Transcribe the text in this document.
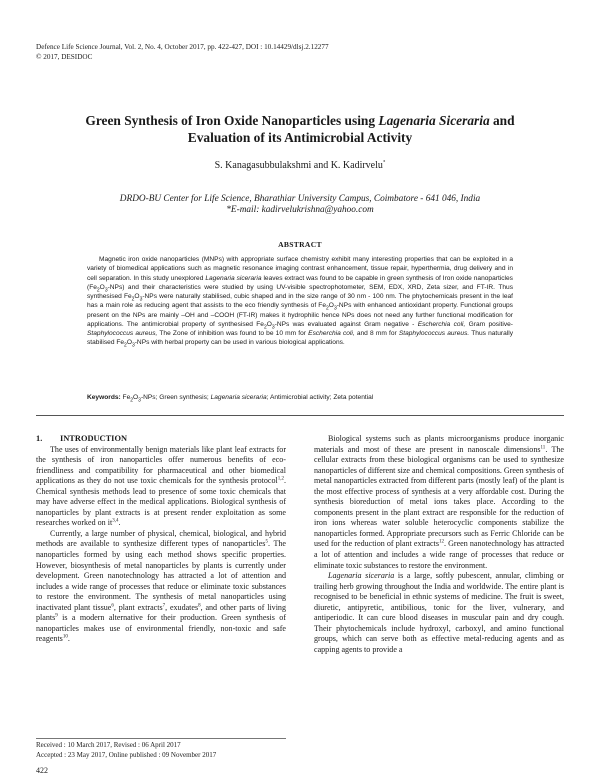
Defence Life Science Journal, Vol. 2, No. 4, October 2017, pp. 422-427, DOI : 10.14429/dlsj.2.12277
© 2017, DESIDOC
Green Synthesis of Iron Oxide Nanoparticles using Lagenaria Siceraria and Evaluation of its Antimicrobial Activity
S. Kanagasubbulakshmi and K. Kadirvelu*
DRDO-BU Center for Life Science, Bharathiar University Campus, Coimbatore - 641 046, India
*E-mail: kadirvelukrishna@yahoo.com
ABSTRACT
Magnetic iron oxide nanoparticles (MNPs) with appropriate surface chemistry exhibit many interesting properties that can be exploited in a variety of biomedical applications such as magnetic resonance imaging contrast enhancement, tissue repair, hyperthermia, drug delivery and in cell separation. In this study unexplored Lagenaria siceraria leaves extract was found to be capable in green synthesis of Iron oxide nanoparticles $(Fe_2O_3-NPs)$ and their characteristics were studied by using UV-visible spectrophotometer, SEM, EDX, XRD, Zeta sizer, and FT-IR. Thus synthesised $Fe_2O_3$-NPs were naturally stabilised, cubic shaped and in the size range of 30 nm - 100 nm. The phytochemicals present in the leaf has a main role as reducing agent that assists to the eco friendly synthesis of $Fe_2O_3$-NPs with enhanced antioxidant property. Functional groups present on the NPs are mainly –OH and –COOH (FT-IR) makes it hydrophilic hence NPs does not need any further functional modification for applications. The antimicrobial property of synthesised $Fe_2O_3$-NPs was evaluated against Gram negative - Escherchia coli, Gram positive- Staphylococcus aureus, The Zone of inhibition was found to be 10 mm for Escherchia coli, and 8 mm for Staphylococcus aureus. Thus naturally stabilised $Fe_2O_3$-NPs with herbal property can be used in various biological applications.
Keywords: $Fe_2O_3$-NPs; Green synthesis; Lagenaria siceraria; Antimicrobial activity; Zeta potential
1. INTRODUCTION

The uses of environmentally benign materials like plant leaf extracts for the synthesis of iron nanoparticles offer numerous benefits of eco-friendliness and compatibility for pharmaceutical and other biomedical applications as they do not use toxic chemicals for the synthesis protocol$^{1,2}$. Chemical synthesis methods lead to presence of some toxic chemicals that may have adverse effect in the medical applications. Biological synthesis of nanoparticles by plant extracts is at present render exploitation as some researches worked on it$^{3,4}$.

Currently, a large number of physical, chemical, biological, and hybrid methods are available to synthesize different types of nanoparticles$^5$. The nanoparticles formed by using each method shows specific properties. However, biosynthesis of metal nanoparticles by plants is currently under development. Green nanotechnology has attracted a lot of attention and includes a wide range of processes that reduce or eliminate toxic substances to restore the environment. The synthesis of metal nanoparticles using inactivated plant tissue$^6$, plant extracts$^7$, exudates$^8$, and other parts of living plants$^9$ is a modern alternative for their production. Green synthesis of nanoparticles makes use of environmental friendly, non-toxic and safe reagents$^{10}$.

Biological systems such as plants microorganisms produce inorganic materials and most of these are present in nanoscale dimensions$^{11}$. The cellular extracts from these biological organisms can be used to synthesize nanoparticles of different size and chemical compositions. Green synthesis of metal nanoparticles extracted from different parts (mostly leaf) of the plant is the most effective process of synthesis at a very affordable cost. During the synthesis bioreduction of metal ions takes place. According to the components present in the plant extract are responsible for the reduction of iron ions whereas water soluble heterocyclic components stabilize the nanoparticles formed. Appropriate precursors such as Ferric Chloride can be used for the reduction of plant extracts$^{12}$. Green nanotechnology has attracted a lot of attention and includes a wide range of processes that reduce or eliminate toxic substances to restore the environment.

Lagenaria siceraria is a large, softly pubescent, annular, climbing or trailing herb growing throughout the India and worldwide. The entire plant is recognised to be beneficial in ethnic systems of medicine. The fruit is sweet, diuretic, antipyretic, antibilious, tonic for the liver, vulnerary, and antiperiodic. It can cure blood diseases in muscular pain and dry cough. Their phytochemicals include hydroxyl, carboxyl, and amino functional groups, which can serve both as effective metal-reducing agents and as capping agents to provide a

Received : 10 March 2017, Revised : 06 April 2017
Accepted : 23 May 2017, Online published : 09 November 2017
422
